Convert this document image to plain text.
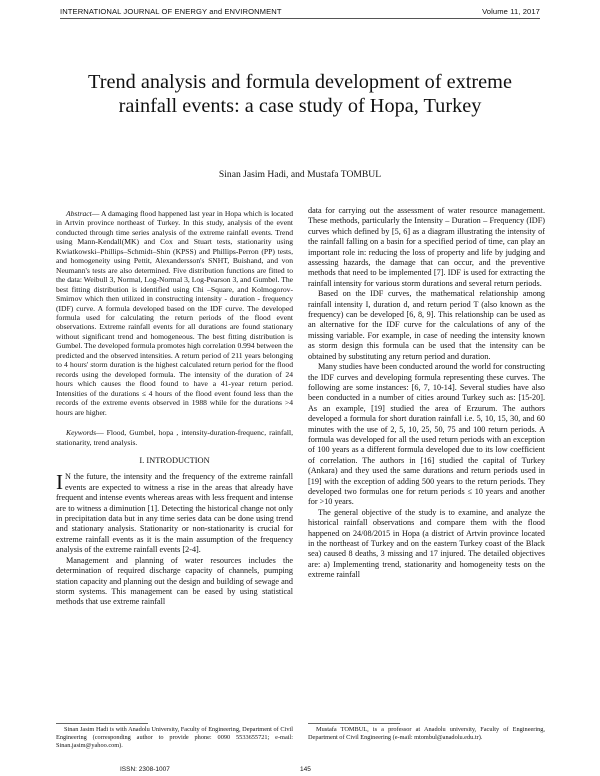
INTERNATIONAL JOURNAL OF ENERGY and ENVIRONMENT	Volume 11, 2017
Trend analysis and formula development of extreme rainfall events: a case study of Hopa, Turkey
Sinan Jasim Hadi, and Mustafa TOMBUL

Abstract— A damaging flood happened last year in Hopa which is located in Artvin province northeast of Turkey. In this study, analysis of the event conducted through time series analysis of the extreme rainfall events. Trend using Mann-Kendall(MK) and Cox and Stuart tests, stationarity using Kwiatkowski–Phillips–Schmidt–Shin (KPSS) and Phillips-Perron (PP) tests, and homogeneity using Pettit, Alexandersson's SNHT, Buishand, and von Neumann's tests are also determined. Five distribution functions are fitted to the data: Weibull 3, Normal, Log-Normal 3, Log-Pearson 3, and Gumbel. The best fitting distribution is identified using Chi –Square, and Kolmogorov-Smirnov which then utilized in constructing intensity - duration - frequency (IDF) curve. A formula developed based on the IDF curve. The developed formula used for calculating the return periods of the flood event observations. Extreme rainfall events for all durations are found stationary without significant trend and homogeneous. The best fitting distribution is Gumbel. The developed formula promotes high correlation 0.994 between the predicted and the observed intensities. A return period of 211 years belonging to 4 hours' storm duration is the highest calculated return period for the flood records using the developed formula. The intensity of the duration of 24 hours which causes the flood found to have a 41-year return period. Intensities of the durations ≤ 4 hours of the flood event found less than the records of the extreme events observed in 1988 while for the durations >4 hours are higher.

Keywords— Flood, Gumbel, hopa , intensity-duration-frequenc, rainfall, stationarity, trend analysis.

I. INTRODUCTION

I N the future, the intensity and the frequency of the extreme rainfall events are expected to witness a rise in the areas that already have frequent and intense events whereas areas with less frequent and intense are to witness a diminution [1]. Detecting the historical change not only in precipitation data but in any time series data can be done using trend and stationary analysis. Stationarity or non-stationarity is crucial for extreme rainfall events as it is the main assumption of the frequency analysis of the extreme rainfall events [2-4].

Management and planning of water resources includes the determination of required discharge capacity of channels, pumping station capacity and planning out the design and building of sewage and storm systems. This management can be eased by using statistical methods that use extreme rainfall

data for carrying out the assessment of water resource management. These methods, particularly the Intensity – Duration – Frequency (IDF) curves which defined by [5, 6] as a diagram illustrating the intensity of the rainfall falling on a basin for a specified period of time, can play an important role in: reducing the loss of property and life by judging and assessing hazards, the damage that can occur, and the preventive methods that need to be implemented [7]. IDF is used for extracting the rainfall intensity for various storm durations and several return periods.

Based on the IDF curves, the mathematical relationship among rainfall intensity I, duration d, and return period T (also known as the frequency) can be developed [6, 8, 9]. This relationship can be used as an alternative for the IDF curve for the calculations of any of the missing variable. For example, in case of needing the intensity known as storm design this formula can be used that the intensity can be obtained by substituting any return period and duration.

Many studies have been conducted around the world for constructing the IDF curves and developing formula representing these curves. The following are some instances: [6, 7, 10-14]. Several studies have also been conducted in a number of cities around Turkey such as: [15-20]. As an example, [19] studied the area of Erzurum. The authors developed a formula for short duration rainfall i.e. 5, 10, 15, 30, and 60 minutes with the use of 2, 5, 10, 25, 50, 75 and 100 return periods. A formula was developed for all the used return periods with an exception of 100 years as a different formula developed due to its low coefficient of correlation. The authors in [16] studied the capital of Turkey (Ankara) and they used the same durations and return periods used in [19] with the exception of adding 500 years to the return periods. They developed two formulas one for return periods ≤ 10 years and another for >10 years.

The general objective of the study is to examine, and analyze the historical rainfall observations and compare them with the flood happened on 24/08/2015 in Hopa (a district of Artvin province located in the northeast of Turkey and on the eastern Turkey coast of the Black sea) caused 8 deaths, 3 missing and 17 injured. The detailed objectives are: a) Implementing trend, stationarity and homogeneity tests on the extreme rainfall

Sinan Jasim Hadi is with Anadolu University, Faculty of Engineering, Department of Civil Engineering (corresponding author to provide phone: 0090 5533655721; e-mail: Sinan.jasim@yahoo.com).
Mustafa TOMBUL, is a professor at Anadolu university, Faculty of Engineering, Department of Civil Engineering (e-mail: mtombul@anadolu.edu.tr).
ISSN: 2308-1007	145
